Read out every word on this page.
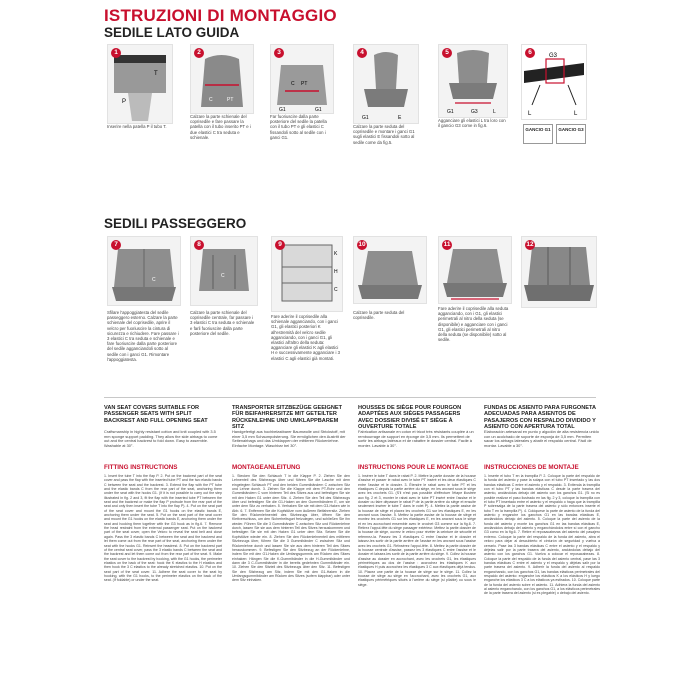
ISTRUZIONI DI MONTAGGIO
SEDILE LATO GUIDA
1
P
T
Inserire nella patella P il tubo T.
2
C	PT
Calzare la parte schienale del coprisedile e fare passare la patella con il tubo inserito PT e i due elastici C tra seduta e schienale.
3
C PT
G1	G1
Far fuoriuscire dalla parte posteriore del sedile la patella con il tubo PT e gli elastici C fissandoli sotto al sedile con i ganci G1.
4
G1	E
Calzare la parte seduta del coprisedile e montare i ganci G1 sugli elastici E fissandoli sotto al sedile come da fig.5.
5
G1	G3	L
Agganciare gli elastici L tra loro con il gancio G3 come in fig.6.
6	G3
L	L
GANCIO G1	GANCIO G3
SEDILI PASSEGGERO
7
C
Sfilare l'appoggiatesta del sedile passeggero esterno. Calzare la parte schienale del coprisedile, aprire il velcro per fuoriuscire la cintura di sicurezza e richiudere. Fare passare i 3 elastici C tra seduta e schienale e fare fuoriuscire dalla parte posteriore del sedile agganciandoli sotto al sedile con i ganci G1. Rimontare l'appoggiatesta.
8
C
Calzare la parte schienale del coprisedile centrale, far passare i 3 elastici C tra seduta e schienale e farli fuoriuscire dalla parte posteriore del sedile.
9
K
H
C
Fare aderire il coprisedile alla schienale agganciando, con i ganci G1, gli elastici posteriori K all'estremità del velcro sedile agganciando, con i ganci G1, gli elastici all'altro della seduta: agganciare gli elastici K agli elastici H e successivamente agganciare i 3 elastici C agli elastici già montati.
10
Calzare la parte seduta del coprisedile.
11
Fare aderire il coprisedile alla seduta agganciando, con i G1, gli elastici perimetrali al nitro della seduta (se disponibile) e agganciare con i ganci G1, gli elastici perimetrali al nitro della seduta (se disponibile) sotto al sedile.
12
VAN SEAT COVERS SUITABLE FOR PASSENGER SEATS WITH SPLIT BACKREST AND FULL OPENING SEAT
Craftsmanship in highly resistant cotton and knit coupled with 3.5 mm sponge support padding. They allow the side airbags to come out and the central backrest to fold down. Easy to assemble. Washable at 30°.
FITTING INSTRUCTIONS
1. Insert the tube T into the flap P. 2. Put on the backrest part of the seat cover and pass the flap with the inserted tube PT and the two elastic bands C between the seat and the backrest. 3. Extend the flap with the PT tube and the elastic bands C from the rear part of the seat, anchoring them under the seat with the hooks G1. (If it is not possible to carry out the step illustrated in fig. 2 and 3, fit the flap with the inserted tube PT between the seat and the backrest or make the flap P protrude from the rear part of the seat and only then insert the tube T into the flap P). 4. Put on the seat part of the seat cover and mount the G1 hooks on the elastic bands E, anchoring them under the seat. 5. Put on the seat part of the seat cover and mount the G1 hooks on the elastic bands E, anchoring them under the seat and hooking them together with the G3 hook as in fig.6. 7. Remove the head restraint from the external passenger seat. Put on the backrest part of the seat cover, open the Velcro to reveal the seat belt and close again. Pass the 3 elastic bands C between the seat and the backrest and let them come out from the rear part of the seat, anchoring them under the seat with the hooks G1. Reinsert the headrest. 8. Put on the backrest part of the central seat cover, pass the 3 elastic bands C between the seat and the backrest and let them come out from the rear part of the seat. 9. Make the seat cover to the backrest by hooking, with the G1 hooks, the perimeter elastics on the back of the seat: hook the K elastics to the H elastics and then hook the 3 C elastics to the already stretched elastics. 10. Put on the seat part of the seat cover. 11. Adhere the seat cover to the seat by hooking, with the G1 hooks, to the perimeter elastics on the back of the seat. (If foldable) or under the seat.
TRANSPORTER SITZBEZÜGE GEEIGNET FÜR BEIFAHRERSITZE MIT GETEILTER RÜCKENLEHNE UND UMKLAPPBAREM SITZ
Handgefertigt aus hochbelastbarer Baumwolle und Strickstoff, mit einer 3,5 mm Schaumpolsterung. Sie ermöglichen den Austritt der Seitenairbags und das Umklappen der mittleren Rückenlehne. Einfache Montage. Waschbar bei 30°.
MONTAGEANLEITUNG
1. Stecken Sie den Schlauch T in die Klappe P. 2. Ziehen Sie den Lehnenteil des Sitzbezugs über und führen Sie die Lasche mit dem eingelegten Schlauch PT und den beiden Gummibändern C zwischen Sitz und Lehne durch. 3. Ziehen Sie die Klappe mit dem PT-Rohr und den Gummibändern C vom hinteren Teil des Sitzes aus und befestigen Sie sie mit den Haken G1 unter dem Sitz. 4. Ziehen Sie den Teil des Sitzbezugs über und befestigen Sie die G1-Haken an den Gummibändern E, um sie unter dem Sitz zu verhaken. 5. Verhaken Sie sie mit dem G3-Haken wie in Abb. 6. 7. Entfernen Sie die Kopfstütze vom äußeren Beifahrersitz. Ziehen Sie den Rückenlehnenteil des Sitzbezugs über, öffnen Sie den Klettverschluss, um den Sicherheitsgurt freizulegen, und schließen Sie ihn wieder. Führen Sie die 3 Gummibänder C zwischen Sitz und Rückenlehne durch, lassen Sie sie aus dem hinteren Teil des Sitzes herauskommen und befestigen Sie sie mit den Haken G1 unter dem Sitz. Setzen Sie die Kopfstütze wieder ein. 8. Ziehen Sie den Rückenlehnenteil des mittleren Sitzbezugs über, führen Sie die 3 Gummibänder C zwischen Sitz und Rückenlehne durch und lassen Sie sie aus dem hinteren Teil des Sitzes herauskommen. 9. Befestigen Sie den Sitzbezug an der Rückenlehne, indem Sie mit den G1-Haken die Umfangsgummis am Rücken des Sitzes einhaken: Hängen Sie die K-Gummibänder in die H-Gummibänder und dann die 3 C-Gummibänder in die bereits gedehnten Gummibänder ein. 10. Ziehen Sie den Sitzteil des Sitzbezugs über den Sitz. 11. Befestigen Sie den Sitzbezug am Sitz, indem Sie mit den G1-Haken in die Umfangsgummibänder am Rücken des Sitzes (sofern klappbar) oder unter dem Sitz einhaken.
HOUSSES DE SIÈGE POUR FOURGON ADAPTÉES AUX SIÈGES PASSAGERS AVEC DOSSIER DIVISÉ ET SIÈGE À OUVERTURE TOTALE
Fabrication artisanale en coton et tricot très résistants couplée à un rembourrage de support en éponge de 3,5 mm. Ils permettent de sortir les airbags latéraux et de rabattre le dossier central. Facile à monter. Lavable à 30°.
INSTRUCTIONS POUR LE MONTAGE
1. Insérer le tube T dans le rabat P. 2. Mettre la partie dossier de la housse d'assise et passer le rabat avec le tube PT inséré et les deux élastiques C entre l'assise et le dossier. 3. Étendre le rabat avec le tube PT et les élastiques C depuis la partie arrière du siège, en les ancrant sous le siège avec les crochets G1. (S'il n'est pas possible d'effectuer l'étape illustrée aux fig. 2 et 3, monter le rabat avec le tube PT inséré entre l'assise et le dossier ou faire dépasser le rabat P de la partie arrière du siège et ensuite seulement insérer le tube T dans le volet P). 4. Mettez la partie assise de la housse de siège et placez les crochets G1 sur les élastiques E, en les ancrant sous l'assise. 5. Mettez la partie assise de la housse de siège et montez les crochets G1 sur les élastiques E, en les ancrant sous le siège et en les accrochant ensemble avec le crochet G3 comme sur la fig.6. 7. Retirez l'appui-tête du siège passager extérieur. Mettez la partie dossier de la housse de siège, ouvrez le velcro pour révéler la ceinture de sécurité et refermez-la. Passez les 3 élastiques C entre l'assise et le dossier et laissez-les sortir de la partie arrière de l'assise en les ancrant sous l'assise avec les crochets G1. Réinsérez l'appui-tête. 8. Mettez la partie dossier de la housse centrale d'assise, passez les 3 élastiques C entre l'assise et le dossier et laissez-les sortir de la partie arrière du siège. 9. Collez la housse d'assise au dossier en accrochant, avec les crochets G1, les élastiques périmétriques au dos de l'assise : accrochez les élastiques K aux élastiques H puis accrochez les élastiques 3 C aux élastiques déjà tendus. 10. Placez une partie de la housse de siège sur le siège. 11. Collez la housse de siège au siège en l'accrochant, avec les crochets G1, aux élastiques périmétriques situés à l'arrière du siège (si pliable) ou sous le siège.
FUNDAS DE ASIENTO PARA FURGONETA ADECUADAS PARA ASIENTOS DE PASAJEROS CON RESPALDO DIVIDIDO Y ASIENTO CON APERTURA TOTAL
Elaboración artesanal en punto y algodón de alta resistencia unido con un acolchado de soporte de esponja de 3,5 mm. Permiten sacar los airbags laterales y abatir el respaldo central. Fácil de montar. Lavable a 30°.
INSTRUCCIONES DE MONTAJE
1. Inserte el tubo T en la trampilla P. 2. Coloque la parte del respaldo de la funda del asiento y pase la solapa con el tubo PT insertado y las dos bandas elásticas C entre el asiento y el respaldo. 3. Extienda la trampilla con el tubo PT y las bandas elásticas C desde la parte trasera del asiento, anclándolas debajo del asiento con los ganchos G1. (Si no es posible realizar el paso ilustrado en las fig. 2 y 3, coloque la trampilla con el tubo PT insertado entre el asiento y el respaldo o haga que la trampilla P sobresalga de la parte trasera del asiento y sólo entonces inserte el tubo T en la trampilla P). 4. Colóquese la parte de asiento de la funda del asiento y enganche los ganchos G1 en las bandas elásticas E, anclándolos debajo del asiento. 5. Coloque la parte del asiento de la funda del asiento y monte los ganchos G1 en las bandas elásticas E, anclándolos debajo del asiento y enganchándolos entre sí con el gancho G3 como en la fig.6. 7. Retire el reposacabezas del asiento del pasajero externo. Coloque la parte del respaldo de la funda del asiento, abra el velcro para dejar al descubierto el cinturón de seguridad y vuelva a cerrarlo. Pase las 3 bandas elásticas C entre el asiento y el respaldo y déjelas salir por la parte trasera del asiento, anclándolas debajo del asiento con los ganchos G1. Vuelva a colocar el reposacabezas. 8. Coloque la parte del respaldo de la funda del asiento central, pase las 3 bandas elásticas C entre el asiento y el respaldo y déjelas salir por la parte trasera del asiento. 9. Adherir la funda del asiento al respaldo enganchando, con los ganchos G1, las bandas elásticas perimetrales del respaldo del asiento: enganche los elásticos K a los elásticos H y luego enganche los elásticos 3 C a los elásticos ya estirados. 10. Coloque parte de la funda del asiento sobre el asiento. 11. Adhiera la funda del asiento al asiento enganchando, con los ganchos G1, a los elásticos perimetrales de la parte trasera del asiento (si es plegable) o debajo del asiento.
